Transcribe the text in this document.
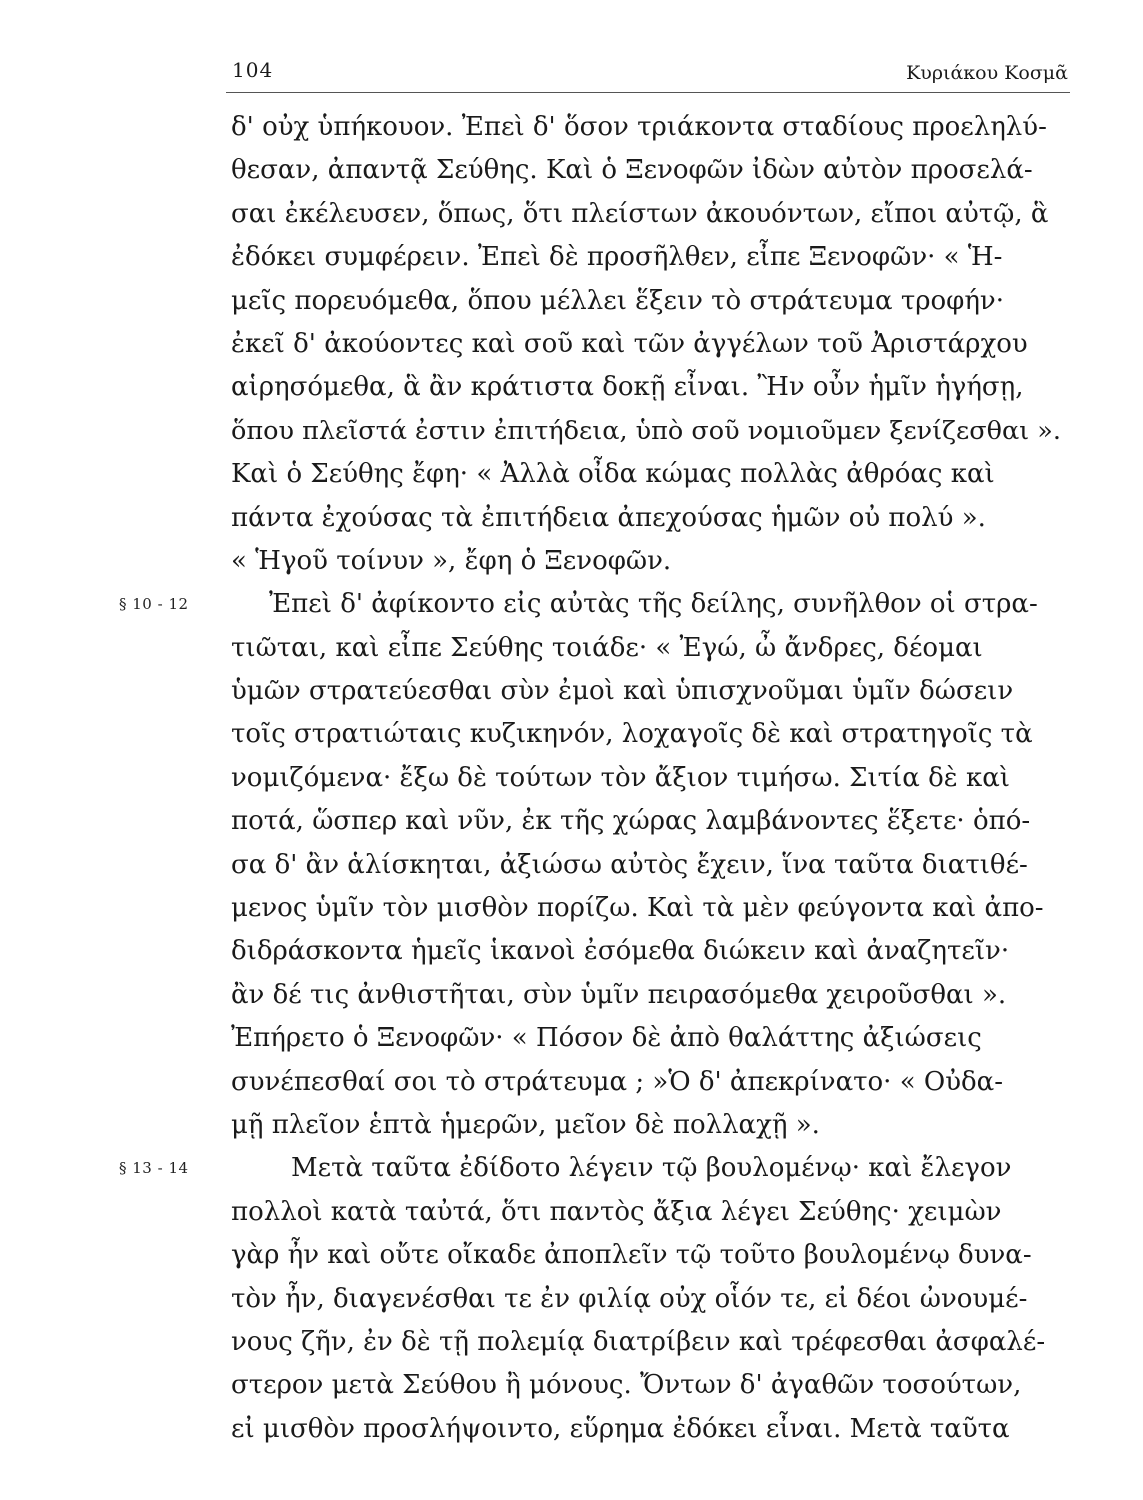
104	Κυριάκου Κοσμᾶ
δ' οὐχ ὑπήκουον. Ἐπεὶ δ' ὅσον τριάκοντα σταδίους προεληλύ-
θεσαν, ἀπαντᾷ Σεύθης. Καὶ ὁ Ξενοφῶν ἰδὼν αὐτὸν προσελά-
σαι ἐκέλευσεν, ὅπως, ὅτι πλείστων ἀκουόντων, εἴποι αὐτῷ, ἃ
ἐδόκει συμφέρειν. Ἐπεὶ δὲ προσῆλθεν, εἶπε Ξενοφῶν· « Ἡ-
μεῖς πορευόμεθα, ὅπου μέλλει ἕξειν τὸ στράτευμα τροφήν·
ἐκεῖ δ' ἀκούοντες καὶ σοῦ καὶ τῶν ἀγγέλων τοῦ Ἀριστάρχου
αἱρησόμεθα, ἃ ἂν κράτιστα δοκῇ εἶναι. Ἢν οὖν ἡμῖν ἡγήσῃ,
ὅπου πλεῖστά ἐστιν ἐπιτήδεια, ὑπὸ σοῦ νομιοῦμεν ξενίζεσθαι ».
Καὶ ὁ Σεύθης ἔφη· « Ἀλλὰ οἶδα κώμας πολλὰς ἀθρόας καὶ
πάντα ἐχούσας τὰ ἐπιτήδεια ἀπεχούσας ἡμῶν οὐ πολύ ».
« Ἡγοῦ τοίνυν », ἔφη ὁ Ξενοφῶν.
§ 10 - 12	Ἐπεὶ δ' ἀφίκοντο εἰς αὐτὰς τῆς δείλης, συνῆλθον οἱ στρα-
τιῶται, καὶ εἶπε Σεύθης τοιάδε· « Ἐγώ, ὦ ἄνδρες, δέομαι
ὑμῶν στρατεύεσθαι σὺν ἐμοὶ καὶ ὑπισχνοῦμαι ὑμῖν δώσειν
τοῖς στρατιώταις κυζικηνόν, λοχαγοῖς δὲ καὶ στρατηγοῖς τὰ
νομιζόμενα· ἔξω δὲ τούτων τὸν ἄξιον τιμήσω. Σιτία δὲ καὶ
ποτά, ὥσπερ καὶ νῦν, ἐκ τῆς χώρας λαμβάνοντες ἕξετε· ὁπό-
σα δ' ἂν ἁλίσκηται, ἀξιώσω αὐτὸς ἔχειν, ἵνα ταῦτα διατιθέ-
μενος ὑμῖν τὸν μισθὸν πορίζω. Καὶ τὰ μὲν φεύγοντα καὶ ἀπο-
διδράσκοντα ἡμεῖς ἱκανοὶ ἐσόμεθα διώκειν καὶ ἀναζητεῖν·
ἂν δέ τις ἀνθιστῆται, σὺν ὑμῖν πειρασόμεθα χειροῦσθαι ».
Ἐπήρετο ὁ Ξενοφῶν· « Πόσον δὲ ἀπὸ θαλάττης ἀξιώσεις
συνέπεσθαί σοι τὸ στράτευμα ; »Ὁ δ' ἀπεκρίνατο· « Οὐδα-
μῇ πλεῖον ἑπτὰ ἡμερῶν, μεῖον δὲ πολλαχῇ ».
§ 13 - 14	Μετὰ ταῦτα ἐδίδοτο λέγειν τῷ βουλομένῳ· καὶ ἔλεγον
πολλοὶ κατὰ ταὐτά, ὅτι παντὸς ἄξια λέγει Σεύθης· χειμὼν
γὰρ ἦν καὶ οὔτε οἴκαδε ἀποπλεῖν τῷ τοῦτο βουλομένῳ δυνα-
τὸν ἦν, διαγενέσθαι τε ἐν φιλίᾳ οὐχ οἷόν τε, εἰ δέοι ὠνουμέ-
νους ζῆν, ἐν δὲ τῇ πολεμίᾳ διατρίβειν καὶ τρέφεσθαι ἀσφαλέ-
στερον μετὰ Σεύθου ἢ μόνους. Ὄντων δ' ἀγαθῶν τοσούτων,
εἰ μισθὸν προσλήψοιντο, εὕρημα ἐδόκει εἶναι. Μετὰ ταῦτα
